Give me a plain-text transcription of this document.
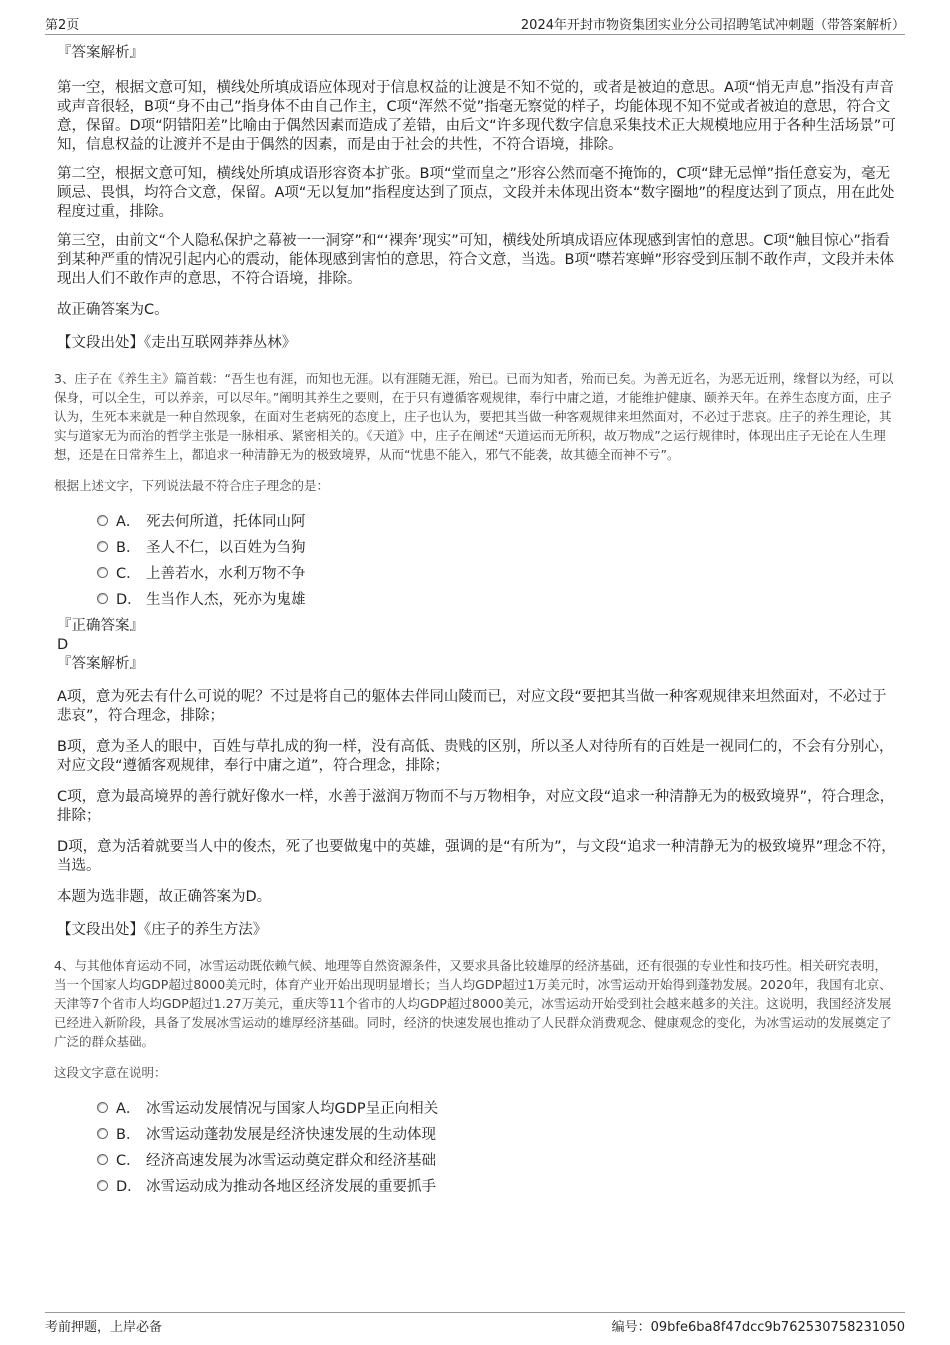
第2页	2024年开封市物资集团实业分公司招聘笔试冲刺题（带答案解析）

『答案解析』

第一空，根据文意可知，横线处所填成语应体现对于信息权益的让渡是不知不觉的，或者是被迫的意思。A项“悄无声息”指没有声音或声音很轻，B项“身不由己”指身体不由自己作主，C项“浑然不觉”指毫无察觉的样子，均能体现不知不觉或者被迫的意思，符合文意，保留。D项“阴错阳差”比喻由于偶然因素而造成了差错，由后文“许多现代数字信息采集技术正大规模地应用于各种生活场景”可知，信息权益的让渡并不是由于偶然的因素，而是由于社会的共性，不符合语境，排除。

第二空，根据文意可知，横线处所填成语形容资本扩张。B项“堂而皇之”形容公然而毫不掩饰的，C项“肆无忌惮”指任意妄为，毫无顾忌、畏惧，均符合文意，保留。A项“无以复加”指程度达到了顶点，文段并未体现出资本“数字圈地”的程度达到了顶点，用在此处程度过重，排除。

第三空，由前文“个人隐私保护之幕被一一洞穿”和“‘裸奔’现实”可知，横线处所填成语应体现感到害怕的意思。C项“触目惊心”指看到某种严重的情况引起内心的震动，能体现感到害怕的意思，符合文意，当选。B项“噤若寒蝉”形容受到压制不敢作声，文段并未体现出人们不敢作声的意思，不符合语境，排除。

故正确答案为C。

【文段出处】《走出互联网莽莽丛林》

3、庄子在《养生主》篇首载：“吾生也有涯，而知也无涯。以有涯随无涯，殆已。已而为知者，殆而已矣。为善无近名，为恶无近刑，缘督以为经，可以保身，可以全生，可以养亲，可以尽年。”阐明其养生之要则，在于只有遵循客观规律，奉行中庸之道，才能维护健康、颐养天年。在养生态度方面，庄子认为，生死本来就是一种自然现象，在面对生老病死的态度上，庄子也认为，要把其当做一种客观规律来坦然面对，不必过于悲哀。庄子的养生理论，其实与道家无为而治的哲学主张是一脉相承、紧密相关的。《天道》中，庄子在阐述“天道运而无所积，故万物成”之运行规律时，体现出庄子无论在人生理想，还是在日常养生上，都追求一种清静无为的极致境界，从而“忧患不能入，邪气不能袭，故其德全而神不亏”。

根据上述文字，下列说法最不符合庄子理念的是：

A． 死去何所道，托体同山阿
B． 圣人不仁，以百姓为刍狗
C． 上善若水，水利万物不争
D． 生当作人杰，死亦为鬼雄

『正确答案』

D

『答案解析』

A项，意为死去有什么可说的呢？不过是将自己的躯体去伴同山陵而已，对应文段“要把其当做一种客观规律来坦然面对，不必过于悲哀”，符合理念，排除；

B项，意为圣人的眼中，百姓与草扎成的狗一样，没有高低、贵贱的区别，所以圣人对待所有的百姓是一视同仁的，不会有分别心，对应文段“遵循客观规律，奉行中庸之道”，符合理念，排除；

C项，意为最高境界的善行就好像水一样，水善于滋润万物而不与万物相争，对应文段“追求一种清静无为的极致境界”，符合理念，排除；

D项，意为活着就要当人中的俊杰，死了也要做鬼中的英雄，强调的是“有所为”，与文段“追求一种清静无为的极致境界”理念不符，当选。

本题为选非题，故正确答案为D。

【文段出处】《庄子的养生方法》

4、与其他体育运动不同，冰雪运动既依赖气候、地理等自然资源条件，又要求具备比较雄厚的经济基础，还有很强的专业性和技巧性。相关研究表明，当一个国家人均GDP超过8000美元时，体育产业开始出现明显增长；当人均GDP超过1万美元时，冰雪运动开始得到蓬勃发展。2020年，我国有北京、天津等7个省市人均GDP超过1.27万美元，重庆等11个省市的人均GDP超过8000美元，冰雪运动开始受到社会越来越多的关注。这说明，我国经济发展已经进入新阶段，具备了发展冰雪运动的雄厚经济基础。同时，经济的快速发展也推动了人民群众消费观念、健康观念的变化，为冰雪运动的发展奠定了广泛的群众基础。

这段文字意在说明：

A． 冰雪运动发展情况与国家人均GDP呈正向相关
B． 冰雪运动蓬勃发展是经济快速发展的生动体现
C． 经济高速发展为冰雪运动奠定群众和经济基础
D． 冰雪运动成为推动各地区经济发展的重要抓手
考前押题，上岸必备	编号：09bfe6ba8f47dcc9b762530758231050
